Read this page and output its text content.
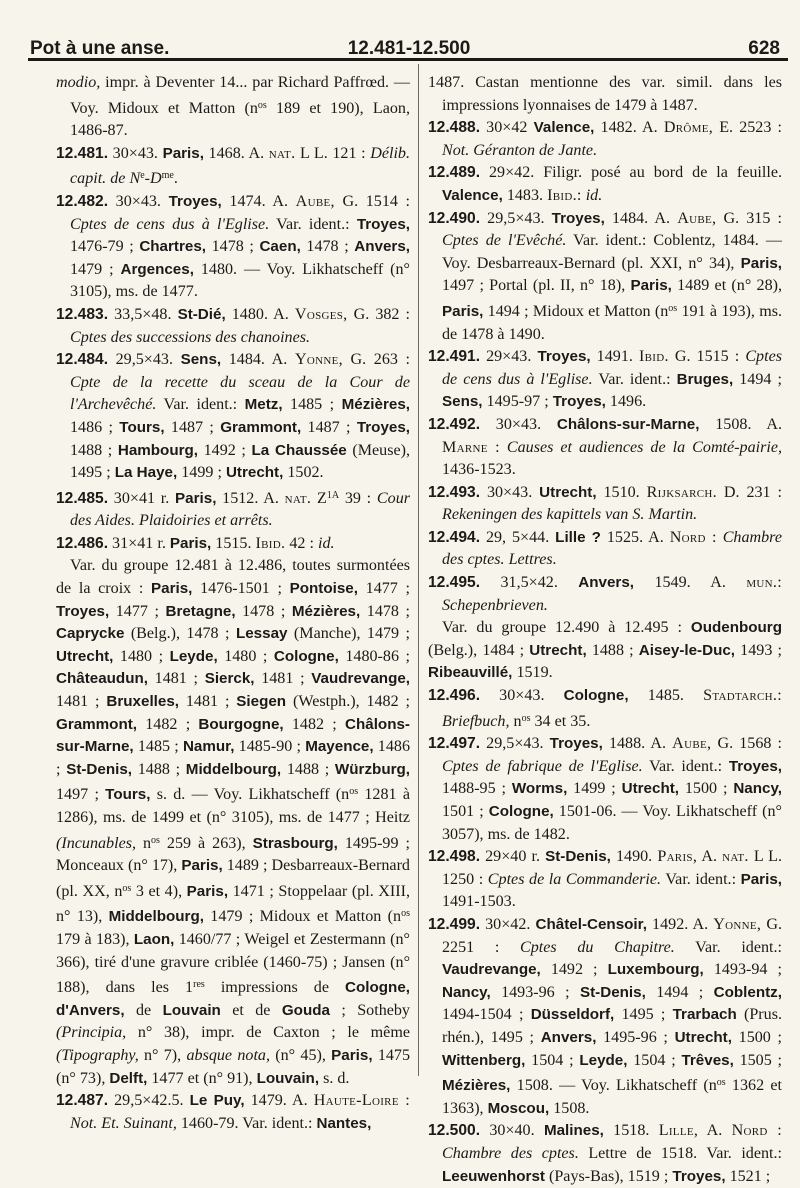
Pot à une anse.	12.481-12.500	628

modio, impr. à Deventer 14... par Richard Paffrœd. — Voy. Midoux et Matton ($n^{os}$ 189 et 190), Laon, 1486-87.

12.481. 30×43. Paris, 1468. A. nat. L L. 121 : Délib. capit. de $N^e-D^{me}$.

12.482. 30×43. Troyes, 1474. A. Aube, G. 1514 : Cptes de cens dus à l'Eglise. Var. ident.: Troyes, 1476-79 ; Chartres, 1478 ; Caen, 1478 ; Anvers, 1479 ; Argences, 1480. — Voy. Likhatscheff (n° 3105), ms. de 1477.

12.483. 33,5×48. St-Dié, 1480. A. Vosges, G. 382 : Cptes des successions des chanoines.

12.484. 29,5×43. Sens, 1484. A. Yonne, G. 263 : Cpte de la recette du sceau de la Cour de l'Archevêché. Var. ident.: Metz, 1485 ; Mézières, 1486 ; Tours, 1487 ; Grammont, 1487 ; Troyes, 1488 ; Hambourg, 1492 ; La Chaussée (Meuse), 1495 ; La Haye, 1499 ; Utrecht, 1502.

12.485. 30×41 r. Paris, 1512. A. nat. $Z^{1A}$ 39 : Cour des Aides. Plaidoiries et arrêts.

12.486. 31×41 r. Paris, 1515. Ibid. 42 : id.

Var. du groupe 12.481 à 12.486, toutes surmontées de la croix : Paris, 1476-1501 ; Pontoise, 1477 ; Troyes, 1477 ; Bretagne, 1478 ; Mézières, 1478 ; Caprycke (Belg.), 1478 ; Lessay (Manche), 1479 ; Utrecht, 1480 ; Leyde, 1480 ; Cologne, 1480-86 ; Châteaudun, 1481 ; Sierck, 1481 ; Vaudrevange, 1481 ; Bruxelles, 1481 ; Siegen (Westph.), 1482 ; Grammont, 1482 ; Bourgogne, 1482 ; Châlons-sur-Marne, 1485 ; Namur, 1485-90 ; Mayence, 1486 ; St-Denis, 1488 ; Middelbourg, 1488 ; Würzburg, 1497 ; Tours, s. d. — Voy. Likhatscheff ($n^{os}$ 1281 à 1286), ms. de 1499 et (n° 3105), ms. de 1477 ; Heitz (Incunables, $n^{os}$ 259 à 263), Strasbourg, 1495-99 ; Monceaux (n° 17), Paris, 1489 ; Desbarreaux-Bernard (pl. XX, $n^{os}$ 3 et 4), Paris, 1471 ; Stoppelaar (pl. XIII, n° 13), Middelbourg, 1479 ; Midoux et Matton ($n^{os}$ 179 à 183), Laon, 1460/77 ; Weigel et Zestermann (n° 366), tiré d'une gravure criblée (1460-75) ; Jansen (n° 188), dans les 1res impressions de Cologne, d'Anvers, de Louvain et de Gouda ; Sotheby (Principia, n° 38), impr. de Caxton ; le même (Tipography, n° 7), absque nota, (n° 45), Paris, 1475 (n° 73), Delft, 1477 et (n° 91), Louvain, s. d.

12.487. 29,5×42.5. Le Puy, 1479. A. Haute-Loire : Not. Et. Suinant, 1460-79. Var. ident.: Nantes,

1487. Castan mentionne des var. simil. dans les impressions lyonnaises de 1479 à 1487.

12.488. 30×42 Valence, 1482. A. Drôme, E. 2523 : Not. Géranton de Jante.

12.489. 29×42. Filigr. posé au bord de la feuille. Valence, 1483. Ibid.: id.

12.490. 29,5×43. Troyes, 1484. A. Aube, G. 315 : Cptes de l'Evêché. Var. ident.: Coblentz, 1484. — Voy. Desbarreaux-Bernard (pl. XXI, n° 34), Paris, 1497 ; Portal (pl. II, n° 18), Paris, 1489 et (n° 28), Paris, 1494 ; Midoux et Matton ($n^{os}$ 191 à 193), ms. de 1478 à 1490.

12.491. 29×43. Troyes, 1491. Ibid. G. 1515 : Cptes de cens dus à l'Eglise. Var. ident.: Bruges, 1494 ; Sens, 1495-97 ; Troyes, 1496.

12.492. 30×43. Châlons-sur-Marne, 1508. A. Marne : Causes et audiences de la Comté-pairie, 1436-1523.

12.493. 30×43. Utrecht, 1510. Rijksarch. D. 231 : Rekeningen des kapittels van S. Martin.

12.494. 29, 5×44. Lille ? 1525. A. Nord : Chambre des cptes. Lettres.

12.495. 31,5×42. Anvers, 1549. A. mun.: Schepenbrieven.

Var. du groupe 12.490 à 12.495 : Oudenbourg (Belg.), 1484 ; Utrecht, 1488 ; Aisey-le-Duc, 1493 ; Ribeauvillé, 1519.

12.496. 30×43. Cologne, 1485. Stadtarch.: Briefbuch, $n^{os}$ 34 et 35.

12.497. 29,5×43. Troyes, 1488. A. Aube, G. 1568 : Cptes de fabrique de l'Eglise. Var. ident.: Troyes, 1488-95 ; Worms, 1499 ; Utrecht, 1500 ; Nancy, 1501 ; Cologne, 1501-06. — Voy. Likhatscheff (n° 3057), ms. de 1482.

12.498. 29×40 r. St-Denis, 1490. Paris, A. nat. L L. 1250 : Cptes de la Commanderie. Var. ident.: Paris, 1491-1503.

12.499. 30×42. Châtel-Censoir, 1492. A. Yonne, G. 2251 : Cptes du Chapitre. Var. ident.: Vaudrevange, 1492 ; Luxembourg, 1493-94 ; Nancy, 1493-96 ; St-Denis, 1494 ; Coblentz, 1494-1504 ; Düsseldorf, 1495 ; Trarbach (Prus. rhén.), 1495 ; Anvers, 1495-96 ; Utrecht, 1500 ; Wittenberg, 1504 ; Leyde, 1504 ; Trêves, 1505 ; Mézières, 1508. — Voy. Likhatscheff ($n^{os}$ 1362 et 1363), Moscou, 1508.

12.500. 30×40. Malines, 1518. Lille, A. Nord : Chambre des cptes. Lettre de 1518. Var. ident.: Leeuwenhorst (Pays-Bas), 1519 ; Troyes, 1521 ;
